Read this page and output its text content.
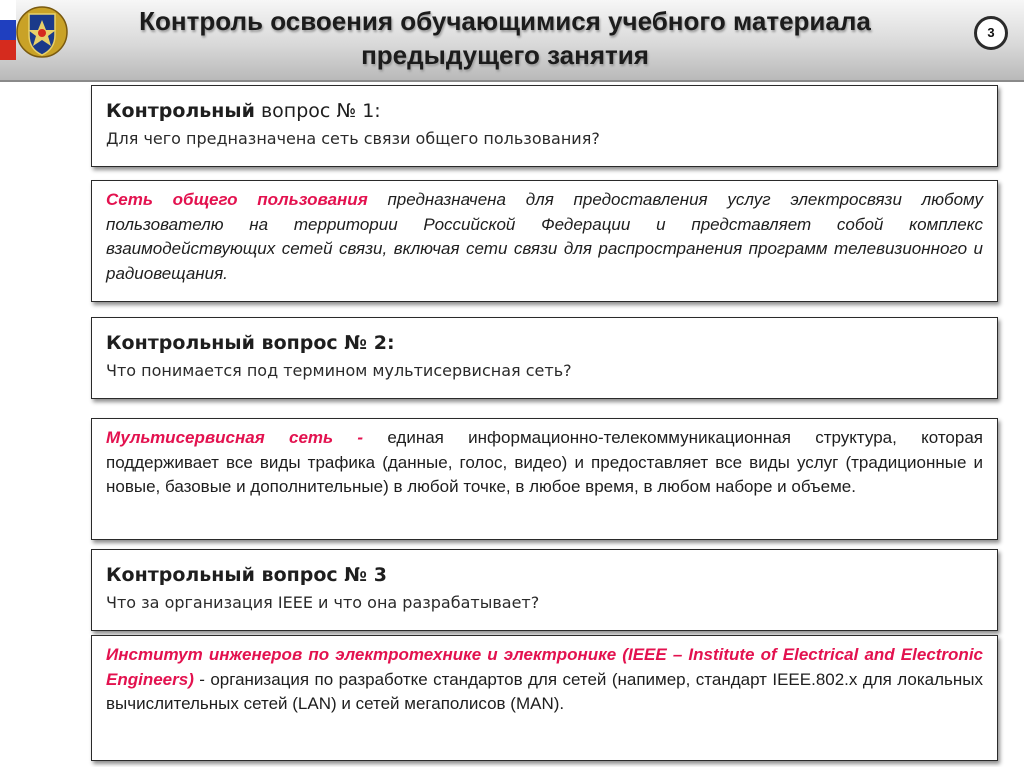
Контроль освоения обучающимися учебного материала
предыдущего занятия
3
Контрольный вопрос № 1:
Для чего предназначена сеть связи общего пользования?
Сеть общего пользования предназначена для предоставления услуг электросвязи любому пользователю на территории Российской Федерации и представляет собой комплекс взаимодействующих сетей связи, включая сети связи для распространения программ телевизионного и радиовещания.
Контрольный вопрос № 2:
Что понимается под термином мультисервисная сеть?
Мультисервисная сеть - единая информационно-телекоммуникационная структура, которая поддерживает все виды трафика (данные, голос, видео) и предоставляет все виды услуг (традиционные и новые, базовые и дополнительные) в любой точке, в любое время, в любом наборе и объеме.
Контрольный вопрос № 3
Что за организация IEEE и что она разрабатывает?
Институт инженеров по электротехнике и электронике (IEEE – Institute of Electrical and Electronic Engineers) - организация по разработке стандартов для сетей (напимер, стандарт IEEE.802.x для локальных вычислительных сетей (LAN) и сетей мегаполисов (MAN).
